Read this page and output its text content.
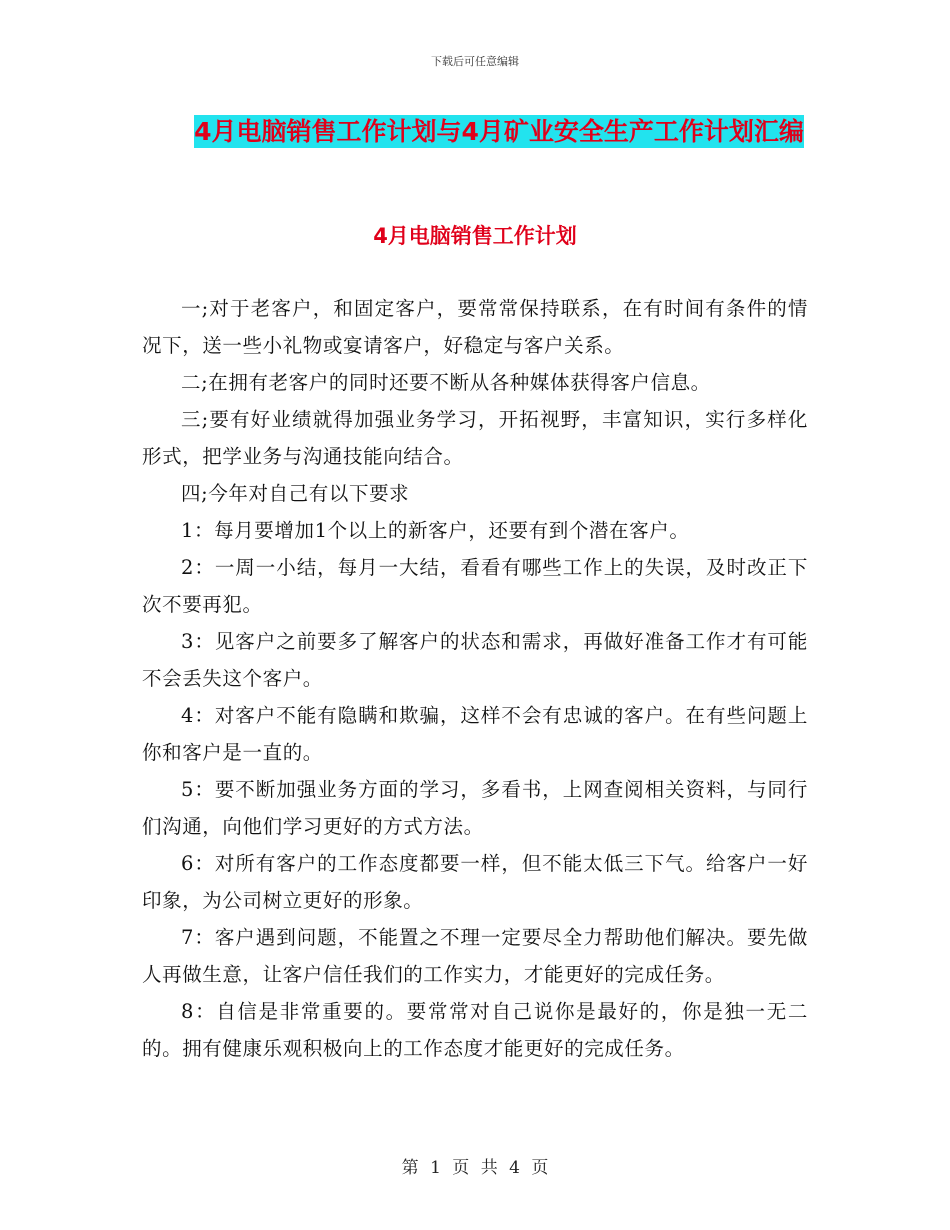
下载后可任意编辑
4月电脑销售工作计划与4月矿业安全生产工作计划汇编
4月电脑销售工作计划

一;对于老客户，和固定客户，要常常保持联系，在有时间有条件的情况下，送一些小礼物或宴请客户，好稳定与客户关系。

二;在拥有老客户的同时还要不断从各种媒体获得客户信息。

三;要有好业绩就得加强业务学习，开拓视野，丰富知识，实行多样化形式，把学业务与沟通技能向结合。

四;今年对自己有以下要求

1：每月要增加1个以上的新客户，还要有到个潜在客户。

2：一周一小结，每月一大结，看看有哪些工作上的失误，及时改正下次不要再犯。

3：见客户之前要多了解客户的状态和需求，再做好准备工作才有可能不会丢失这个客户。

4：对客户不能有隐瞒和欺骗，这样不会有忠诚的客户。在有些问题上你和客户是一直的。

5：要不断加强业务方面的学习，多看书，上网查阅相关资料，与同行们沟通，向他们学习更好的方式方法。

6：对所有客户的工作态度都要一样，但不能太低三下气。给客户一好印象，为公司树立更好的形象。

7：客户遇到问题，不能置之不理一定要尽全力帮助他们解决。要先做人再做生意，让客户信任我们的工作实力，才能更好的完成任务。

8：自信是非常重要的。要常常对自己说你是最好的，你是独一无二的。拥有健康乐观积极向上的工作态度才能更好的完成任务。

第 1 页 共 4 页
